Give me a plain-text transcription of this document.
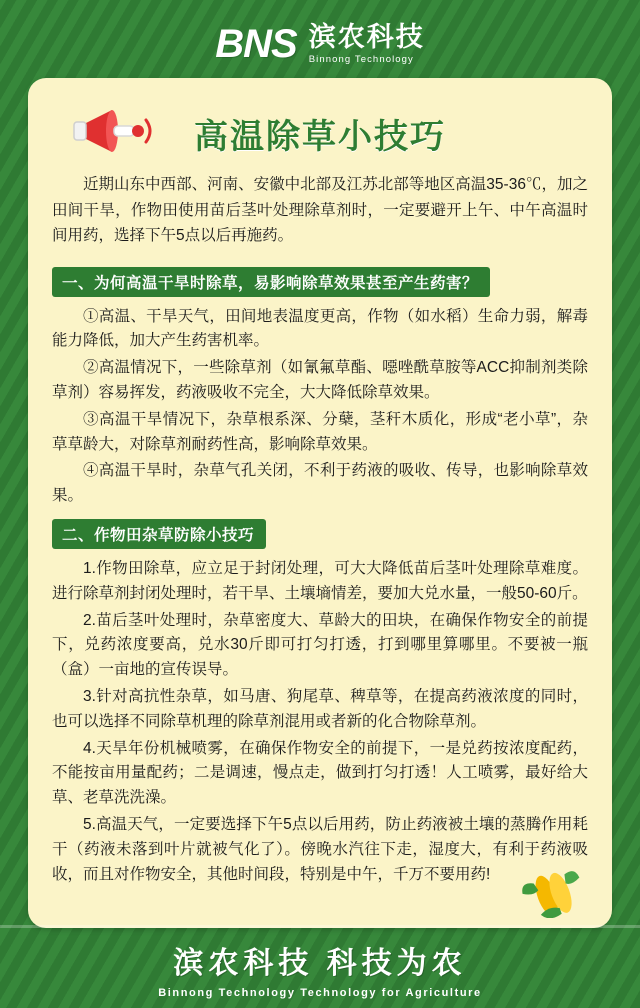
BNS 滨农科技
Binnong Technology
高温除草小技巧
近期山东中西部、河南、安徽中北部及江苏北部等地区高温35-36℃，加之田间干旱，作物田使用苗后茎叶处理除草剂时，一定要避开上午、中午高温时间用药，选择下午5点以后再施药。
一、为何高温干旱时除草，易影响除草效果甚至产生药害？
①高温、干旱天气，田间地表温度更高，作物（如水稻）生命力弱，解毒能力降低，加大产生药害机率。
②高温情况下，一些除草剂（如氰氟草酯、噁唑酰草胺等ACC抑制剂类除草剂）容易挥发，药液吸收不完全，大大降低除草效果。
③高温干旱情况下，杂草根系深、分蘖，茎秆木质化，形成“老小草”，杂草草龄大，对除草剂耐药性高，影响除草效果。
④高温干旱时，杂草气孔关闭，不利于药液的吸收、传导，也影响除草效果。
二、作物田杂草防除小技巧
1.作物田除草，应立足于封闭处理，可大大降低苗后茎叶处理除草难度。进行除草剂封闭处理时，若干旱、土壤墒情差，要加大兑水量，一般50-60斤。
2.苗后茎叶处理时，杂草密度大、草龄大的田块，在确保作物安全的前提下，兑药浓度要高，兑水30斤即可打匀打透，打到哪里算哪里。不要被一瓶（盒）一亩地的宣传误导。
3.针对高抗性杂草，如马唐、狗尾草、稗草等，在提高药液浓度的同时，也可以选择不同除草机理的除草剂混用或者新的化合物除草剂。
4.天旱年份机械喷雾，在确保作物安全的前提下，一是兑药按浓度配药，不能按亩用量配药；二是调速，慢点走，做到打匀打透！人工喷雾，最好给大草、老草洗洗澡。
5.高温天气，一定要选择下午5点以后用药，防止药液被土壤的蒸腾作用耗干（药液未落到叶片就被气化了）。傍晚水汽往下走，湿度大，有利于药液吸收，而且对作物安全，其他时间段，特别是中午，千万不要用药!
滨农科技 科技为农
Binnong Technology Technology for Agriculture
